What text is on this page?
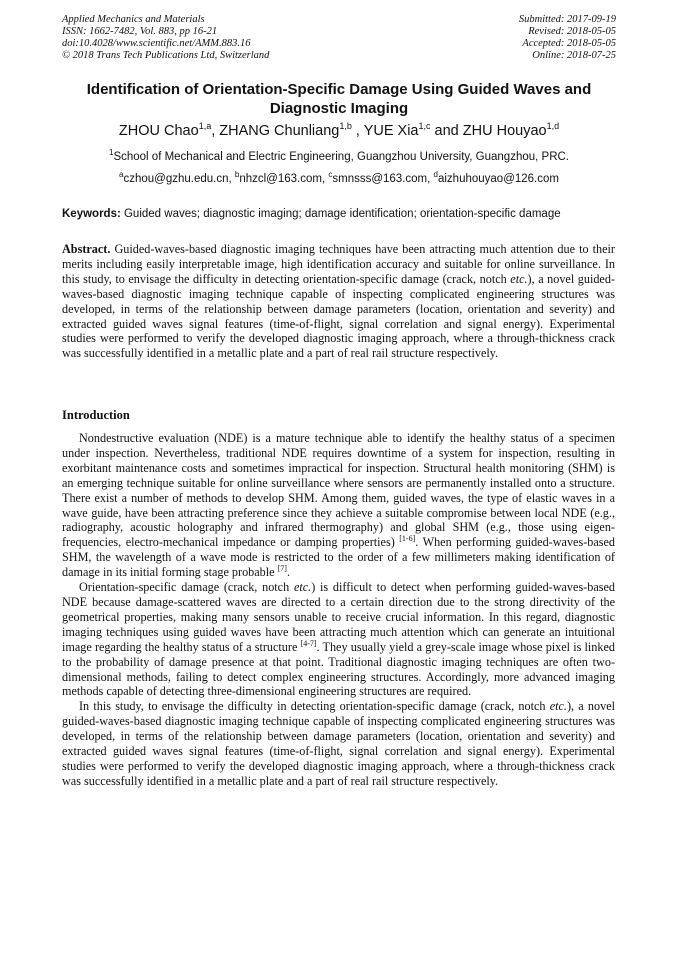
Applied Mechanics and Materials
ISSN: 1662-7482, Vol. 883, pp 16-21
doi:10.4028/www.scientific.net/AMM.883.16
© 2018 Trans Tech Publications Ltd, Switzerland
Submitted: 2017-09-19
Revised: 2018-05-05
Accepted: 2018-05-05
Online: 2018-07-25
Identification of Orientation-Specific Damage Using Guided Waves and Diagnostic Imaging
ZHOU Chao$^{1,a}$, ZHANG Chunliang$^{1,b}$ , YUE Xia$^{1,c}$ and ZHU Houyao$^{1,d}$
$^1$School of Mechanical and Electric Engineering, Guangzhou University, Guangzhou, PRC.
$^a$czhou@gzhu.edu.cn, $^b$nhzcl@163.com, $^c$smnsss@163.com, $^d$aizhuhouyao@126.com
Keywords: Guided waves; diagnostic imaging; damage identification; orientation-specific damage

Abstract. Guided-waves-based diagnostic imaging techniques have been attracting much attention due to their merits including easily interpretable image, high identification accuracy and suitable for online surveillance. In this study, to envisage the difficulty in detecting orientation-specific damage (crack, notch etc.), a novel guided-waves-based diagnostic imaging technique capable of inspecting complicated engineering structures was developed, in terms of the relationship between damage parameters (location, orientation and severity) and extracted guided waves signal features (time-of-flight, signal correlation and signal energy). Experimental studies were performed to verify the developed diagnostic imaging approach, where a through-thickness crack was successfully identified in a metallic plate and a part of real rail structure respectively.

Introduction

Nondestructive evaluation (NDE) is a mature technique able to identify the healthy status of a specimen under inspection. Nevertheless, traditional NDE requires downtime of a system for inspection, resulting in exorbitant maintenance costs and sometimes impractical for inspection. Structural health monitoring (SHM) is an emerging technique suitable for online surveillance where sensors are permanently installed onto a structure. There exist a number of methods to develop SHM. Among them, guided waves, the type of elastic waves in a wave guide, have been attracting preference since they achieve a suitable compromise between local NDE (e.g., radiography, acoustic holography and infrared thermography) and global SHM (e.g., those using eigen-frequencies, electro-mechanical impedance or damping properties) [1-6]. When performing guided-waves-based SHM, the wavelength of a wave mode is restricted to the order of a few millimeters making identification of damage in its initial forming stage probable [7].

Orientation-specific damage (crack, notch etc.) is difficult to detect when performing guided-waves-based NDE because damage-scattered waves are directed to a certain direction due to the strong directivity of the geometrical properties, making many sensors unable to receive crucial information. In this regard, diagnostic imaging techniques using guided waves have been attracting much attention which can generate an intuitional image regarding the healthy status of a structure [4-7]. They usually yield a grey-scale image whose pixel is linked to the probability of damage presence at that point. Traditional diagnostic imaging techniques are often two-dimensional methods, failing to detect complex engineering structures. Accordingly, more advanced imaging methods capable of detecting three-dimensional engineering structures are required.

In this study, to envisage the difficulty in detecting orientation-specific damage (crack, notch etc.), a novel guided-waves-based diagnostic imaging technique capable of inspecting complicated engineering structures was developed, in terms of the relationship between damage parameters (location, orientation and severity) and extracted guided waves signal features (time-of-flight, signal correlation and signal energy). Experimental studies were performed to verify the developed diagnostic imaging approach, where a through-thickness crack was successfully identified in a metallic plate and a part of real rail structure respectively.
